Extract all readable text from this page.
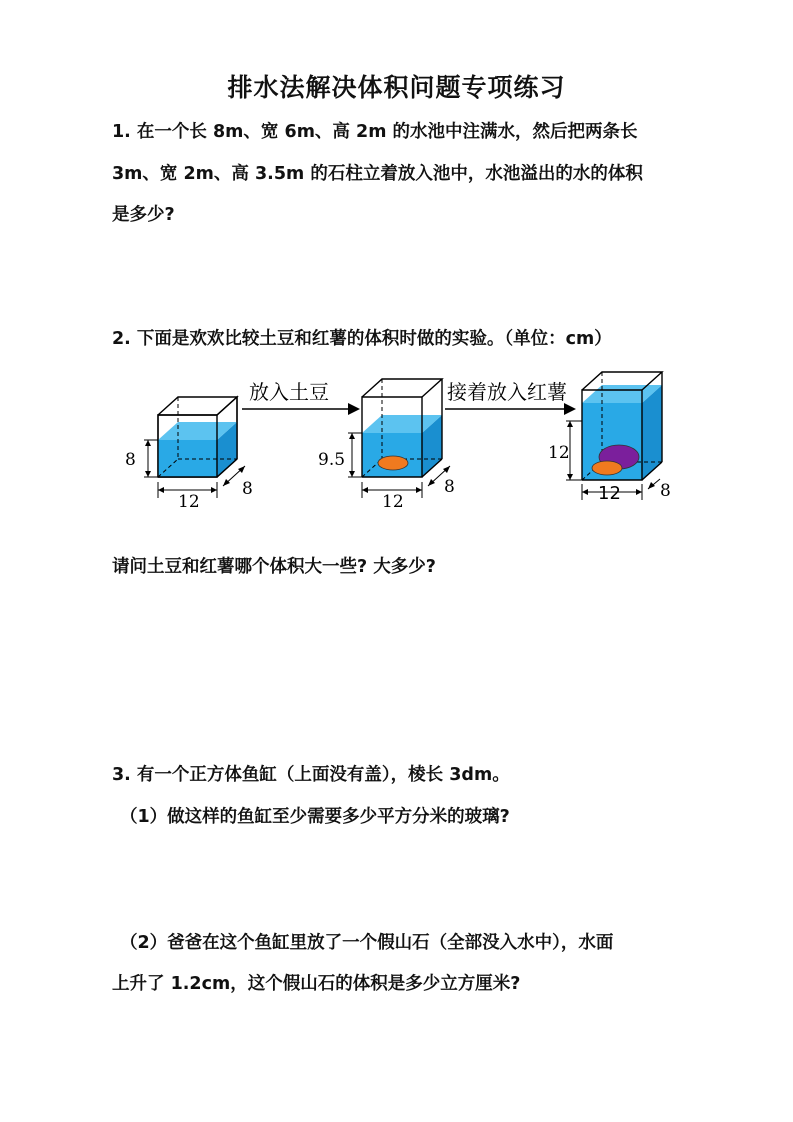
排水法解决体积问题专项练习
1. 在一个长 8m、宽 6m、高 2m 的水池中注满水，然后把两条长
3m、宽 2m、高 3.5m 的石柱立着放入池中，水池溢出的水的体积
是多少?
2. 下面是欢欢比较土豆和红薯的体积时做的实验。（单位：cm）
8
12
8
放入土豆
9.5
12
8
接着放入红薯
12
12 8
请问土豆和红薯哪个体积大一些? 大多少?
3. 有一个正方体鱼缸（上面没有盖），棱长 3dm。
（1）做这样的鱼缸至少需要多少平方分米的玻璃?
（2）爸爸在这个鱼缸里放了一个假山石（全部没入水中），水面
上升了 1.2cm，这个假山石的体积是多少立方厘米?
